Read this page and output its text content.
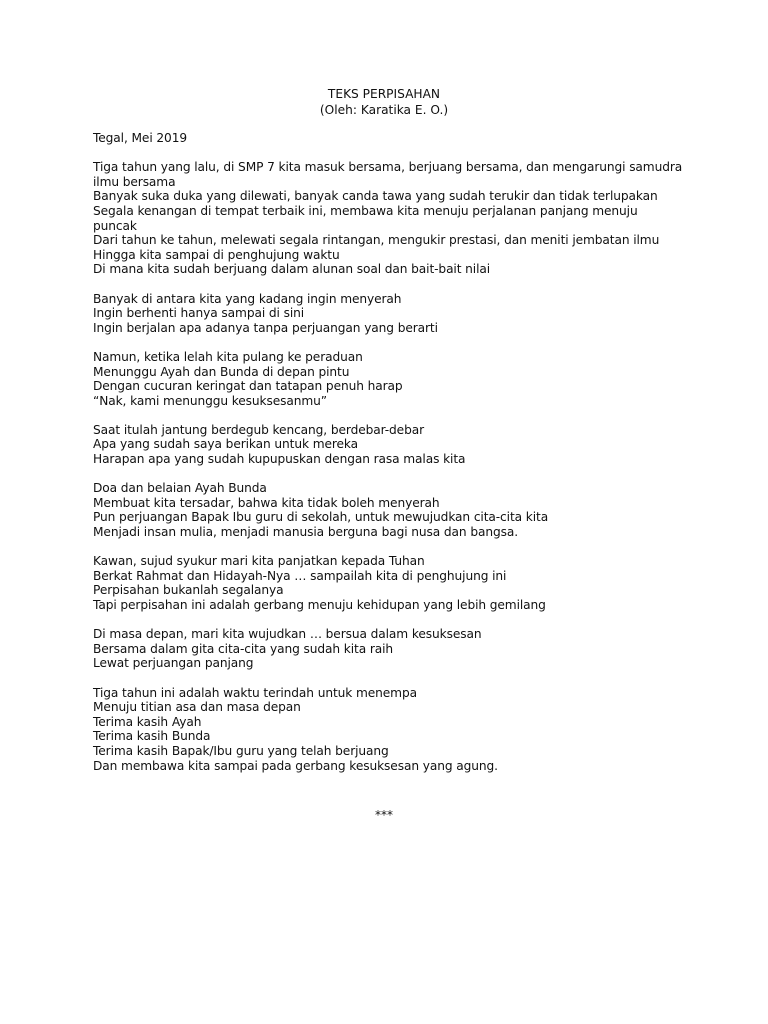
TEKS PERPISAHAN
(Oleh: Karatika E. O.)
Tegal, Mei 2019
Tiga tahun yang lalu, di SMP 7 kita masuk bersama, berjuang bersama, dan mengarungi samudra
ilmu bersama
Banyak suka duka yang dilewati, banyak canda tawa yang sudah terukir dan tidak terlupakan
Segala kenangan di tempat terbaik ini, membawa kita menuju perjalanan panjang menuju
puncak
Dari tahun ke tahun, melewati segala rintangan, mengukir prestasi, dan meniti jembatan ilmu
Hingga kita sampai di penghujung waktu
Di mana kita sudah berjuang dalam alunan soal dan bait-bait nilai
Banyak di antara kita yang kadang ingin menyerah
Ingin berhenti hanya sampai di sini
Ingin berjalan apa adanya tanpa perjuangan yang berarti
Namun, ketika lelah kita pulang ke peraduan
Menunggu Ayah dan Bunda di depan pintu
Dengan cucuran keringat dan tatapan penuh harap
“Nak, kami menunggu kesuksesanmu”
Saat itulah jantung berdegub kencang, berdebar-debar
Apa yang sudah saya berikan untuk mereka
Harapan apa yang sudah kupupuskan dengan rasa malas kita
Doa dan belaian Ayah Bunda
Membuat kita tersadar, bahwa kita tidak boleh menyerah
Pun perjuangan Bapak Ibu guru di sekolah, untuk mewujudkan cita-cita kita
Menjadi insan mulia, menjadi manusia berguna bagi nusa dan bangsa.
Kawan, sujud syukur mari kita panjatkan kepada Tuhan
Berkat Rahmat dan Hidayah-Nya … sampailah kita di penghujung ini
Perpisahan bukanlah segalanya
Tapi perpisahan ini adalah gerbang menuju kehidupan yang lebih gemilang
Di masa depan, mari kita wujudkan … bersua dalam kesuksesan
Bersama dalam gita cita-cita yang sudah kita raih
Lewat perjuangan panjang
Tiga tahun ini adalah waktu terindah untuk menempa
Menuju titian asa dan masa depan
Terima kasih Ayah
Terima kasih Bunda
Terima kasih Bapak/Ibu guru yang telah berjuang
Dan membawa kita sampai pada gerbang kesuksesan yang agung.
***
